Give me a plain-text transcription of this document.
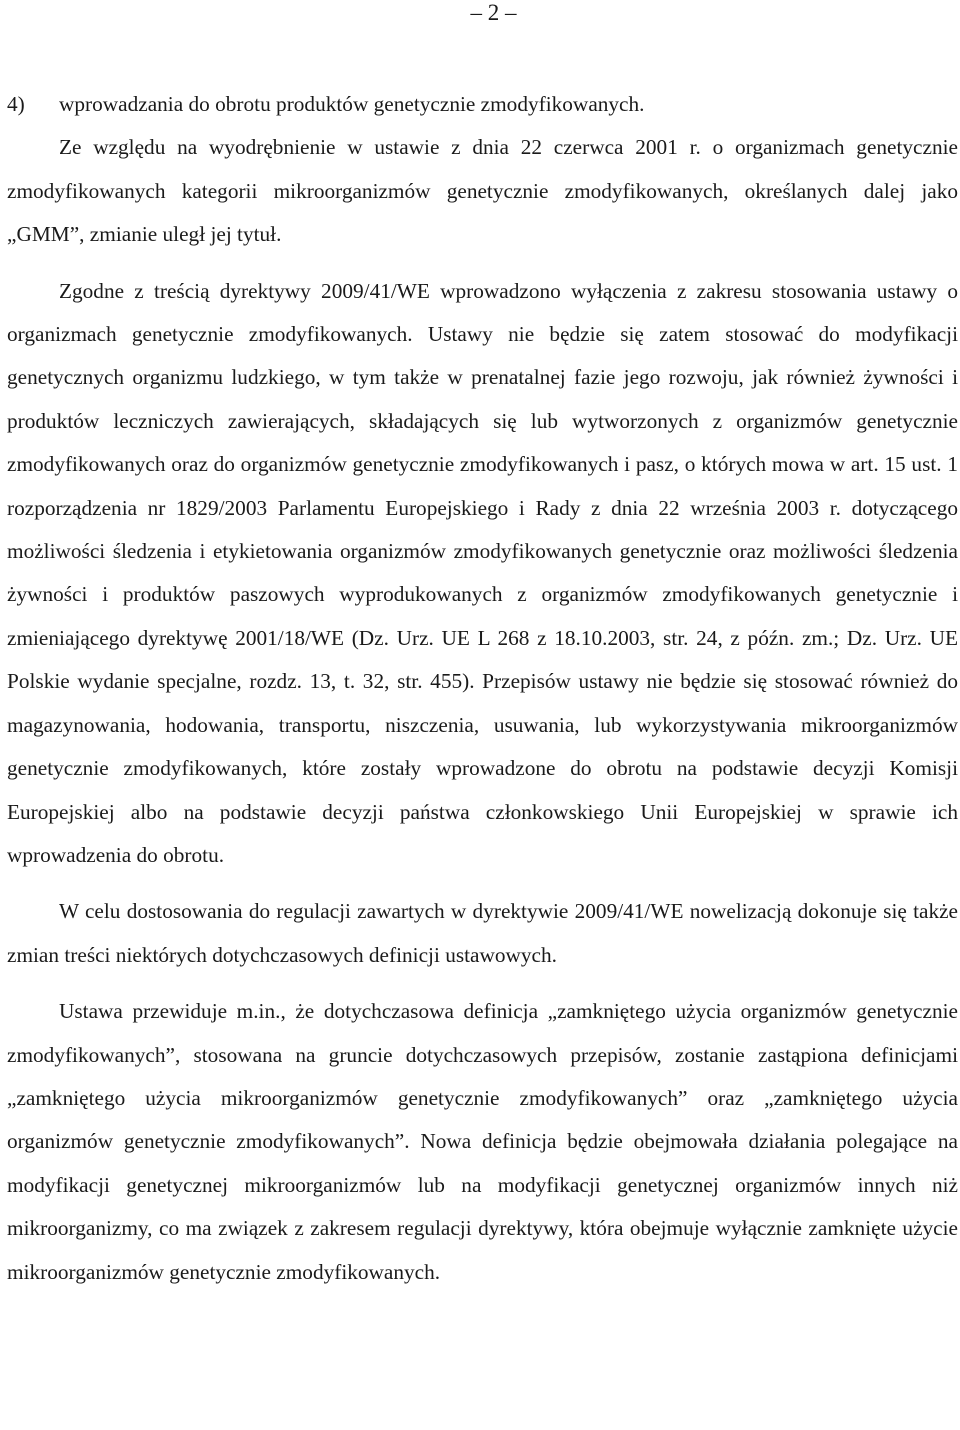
– 2 –
4)	wprowadzania do obrotu produktów genetycznie zmodyfikowanych.

Ze względu na wyodrębnienie w ustawie z dnia 22 czerwca 2001 r. o organizmach genetycznie zmodyfikowanych kategorii mikroorganizmów genetycznie zmodyfikowanych, określanych dalej jako „GMM”, zmianie uległ jej tytuł.

Zgodne z treścią dyrektywy 2009/41/WE wprowadzono wyłączenia z zakresu stosowania ustawy o organizmach genetycznie zmodyfikowanych. Ustawy nie będzie się zatem stosować do modyfikacji genetycznych organizmu ludzkiego, w tym także w prenatalnej fazie jego rozwoju, jak również żywności i produktów leczniczych zawierających, składających się lub wytworzonych z organizmów genetycznie zmodyfikowanych oraz do organizmów genetycznie zmodyfikowanych i pasz, o których mowa w art. 15 ust. 1 rozporządzenia nr 1829/2003 Parlamentu Europejskiego i Rady z dnia 22 września 2003 r. dotyczącego możliwości śledzenia i etykietowania organizmów zmodyfikowanych genetycznie oraz możliwości śledzenia żywności i produktów paszowych wyprodukowanych z organizmów zmodyfikowanych genetycznie i zmieniającego dyrektywę 2001/18/WE (Dz. Urz. UE L 268 z 18.10.2003, str. 24, z późn. zm.; Dz. Urz. UE Polskie wydanie specjalne, rozdz. 13, t. 32, str. 455). Przepisów ustawy nie będzie się stosować również do magazynowania, hodowania, transportu, niszczenia, usuwania, lub wykorzystywania mikroorganizmów genetycznie zmodyfikowanych, które zostały wprowadzone do obrotu na podstawie decyzji Komisji Europejskiej albo na podstawie decyzji państwa członkowskiego Unii Europejskiej w sprawie ich wprowadzenia do obrotu.

W celu dostosowania do regulacji zawartych w dyrektywie 2009/41/WE nowelizacją dokonuje się także zmian treści niektórych dotychczasowych definicji ustawowych.

Ustawa przewiduje m.in., że dotychczasowa definicja „zamkniętego użycia organizmów genetycznie zmodyfikowanych”, stosowana na gruncie dotychczasowych przepisów, zostanie zastąpiona definicjami „zamkniętego użycia mikroorganizmów genetycznie zmodyfikowanych” oraz „zamkniętego użycia organizmów genetycznie zmodyfikowanych”. Nowa definicja będzie obejmowała działania polegające na modyfikacji genetycznej mikroorganizmów lub na modyfikacji genetycznej organizmów innych niż mikroorganizmy, co ma związek z zakresem regulacji dyrektywy, która obejmuje wyłącznie zamknięte użycie mikroorganizmów genetycznie zmodyfikowanych.
